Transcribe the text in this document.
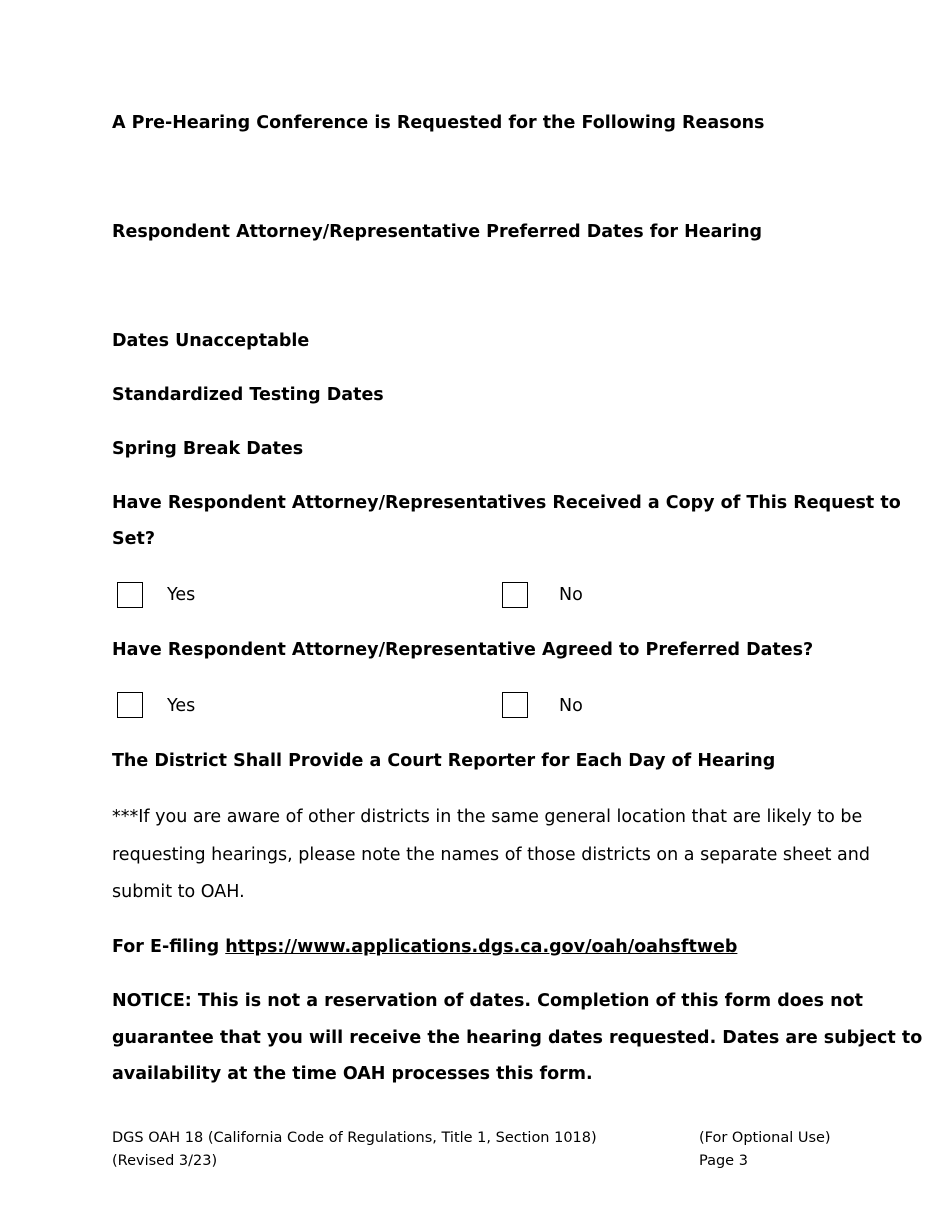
A Pre-Hearing Conference is Requested for the Following Reasons
Respondent Attorney/Representative Preferred Dates for Hearing
Dates Unacceptable
Standardized Testing Dates
Spring Break Dates
Have Respondent Attorney/Representatives Received a Copy of This Request to
Set?
Yes	No
Have Respondent Attorney/Representative Agreed to Preferred Dates?
Yes	No
The District Shall Provide a Court Reporter for Each Day of Hearing
***If you are aware of other districts in the same general location that are likely to be
requesting hearings, please note the names of those districts on a separate sheet and
submit to OAH.
For E-filing https://www.applications.dgs.ca.gov/oah/oahsftweb
NOTICE: This is not a reservation of dates. Completion of this form does not
guarantee that you will receive the hearing dates requested. Dates are subject to
availability at the time OAH processes this form.
DGS OAH 18 (California Code of Regulations, Title 1, Section 1018)
(Revised 3/23)
(For Optional Use)
Page 3
